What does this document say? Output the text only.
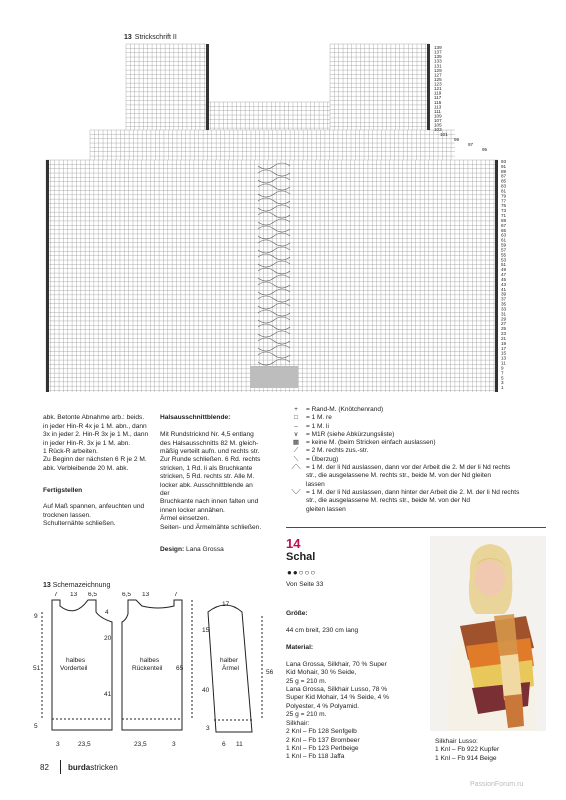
13 Strickschrift II
139
137
135
133
131
129
127
125
123
121
119
117
115
113
111
109
107
105
103
101
99
97
95
93
91
89
87
85
83
81
79
77
75
73
71
69
67
65
63
61
59
57
55
53
51
49
47
45
43
41
39
37
35
33
31
29
27
25
23
21
19
17
15
13
11
9
7
5
3
1

abk. Betonte Abnahme arb.: beids.
in jeder Hin-R 4x je 1 M. abn., dann
3x in jeder 2. Hin-R 3x je 1 M., dann
in jeder Hin-R. 3x je 1 M. abn.
1 Rück-R arbeiten.
Zu Beginn der nächsten 6 R je 2 M.
abk. Verbleibende 20 M. abk.

Fertigstellen

Auf Maß spannen, anfeuchten und
trocknen lassen.
Schulternähte schließen.

Halsausschnittblende:

Mit Rundstricknd Nr. 4,5 entlang
des Halsausschnitts 82 M. gleich-
mäßig verteilt aufn. und rechts str.
Zur Runde schließen. 6 Rd. rechts
stricken, 1 Rd. li als Bruchkante
stricken, 5 Rd. rechts str. Alle M.
locker abk. Ausschnittblende an der
Bruchkante nach innen falten und
innen locker annähen.
Ärmel einsetzen.
Seiten- und Ärmelnähte schließen.

Design: Lana Grossa

+	= Rand-M. (Knötchenrand)
□	= 1 M. re
–	= 1 M. li
∨	= M1R (siehe Abkürzungsliste)
▩	= keine M. (beim Stricken einfach auslassen)
⟋	= 2 M. rechts zus.-str.
⟍	= Überzug)
⟋⟍ = 1 M. der li Nd auslassen, dann vor der Arbeit die 2. M der li Nd rechts
str., die ausgelassene M. rechts str., beide M. von der Nd gleiten
lassen
⟍⟋ = 1 M. der li Nd auslassen, dann hinter der Arbeit die 2. M. der li Nd rechts
str., die ausgelassene M. rechts str., beide M. von der Nd
gleiten lassen
14
Schal
●●○○○
Von Seite 33

Größe:

44 cm breit, 230 cm lang

Material:

Lana Grossa, Silkhair, 70 % Super
Kid Mohair, 30 % Seide,
25 g = 210 m.
Lana Grossa, Silkhair Lusso, 78 %
Super Kid Mohair, 14 % Seide, 4 %
Polyester, 4 % Polyamid.
25 g = 210 m.
Silkhair:
2 Knl – Fb 128 Senfgelb
2 Knl – Fb 137 Brombeer
1 Knl – Fb 123 Perlbeige
1 Knl – Fb 118 Jaffa

Silkhair Lusso:
1 Knl – Fb 922 Kupfer
1 Knl – Fb 914 Beige
13 Schemazeichnung
7 13 6,5	6,5 13	7
4
20
41
51
9
65
5
3	23,5	23,5	3
17
15
40
56
3
6 11
halbes
Vorderteil
halbes
Rückenteil
halber
Ärmel
82 burdastricken
PassionForum.ru
